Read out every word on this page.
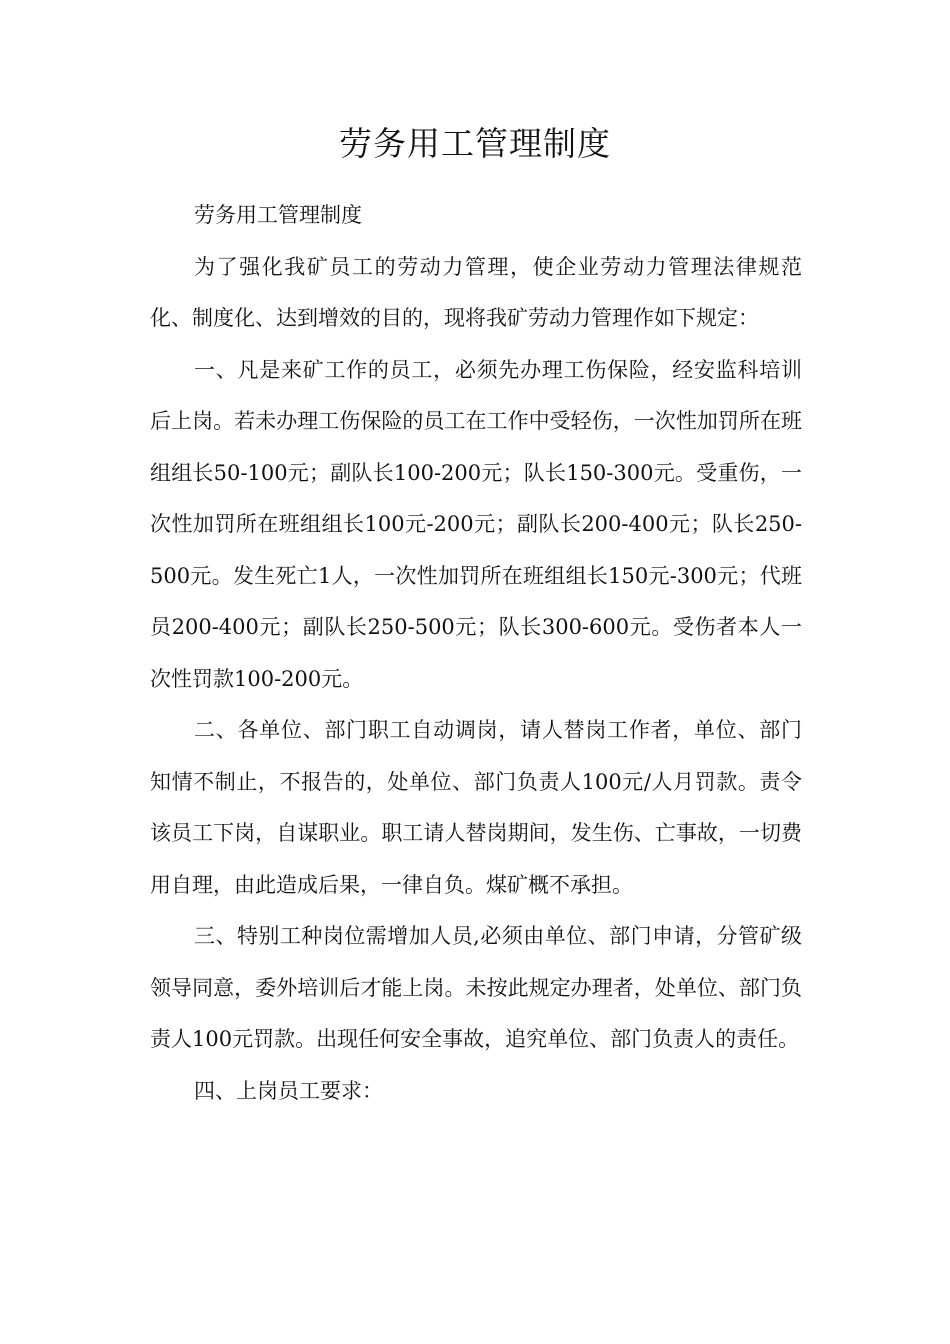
劳务用工管理制度

劳务用工管理制度

为了强化我矿员工的劳动力管理，使企业劳动力管理法律规范化、制度化、达到增效的目的，现将我矿劳动力管理作如下规定：

一、凡是来矿工作的员工，必须先办理工伤保险，经安监科培训后上岗。若未办理工伤保险的员工在工作中受轻伤，一次性加罚所在班组组长50-100元；副队长100-200元；队长150-300元。受重伤，一次性加罚所在班组组长100元-200元；副队长200-400元；队长250-500元。发生死亡1人，一次性加罚所在班组组长150元-300元；代班员200-400元；副队长250-500元；队长300-600元。受伤者本人一次性罚款100-200元。

二、各单位、部门职工自动调岗，请人替岗工作者，单位、部门知情不制止，不报告的，处单位、部门负责人100元/人月罚款。责令该员工下岗，自谋职业。职工请人替岗期间，发生伤、亡事故，一切费用自理，由此造成后果，一律自负。煤矿概不承担。

三、特别工种岗位需增加人员,必须由单位、部门申请，分管矿级领导同意，委外培训后才能上岗。未按此规定办理者，处单位、部门负责人100元罚款。出现任何安全事故，追究单位、部门负责人的责任。

四、上岗员工要求：
